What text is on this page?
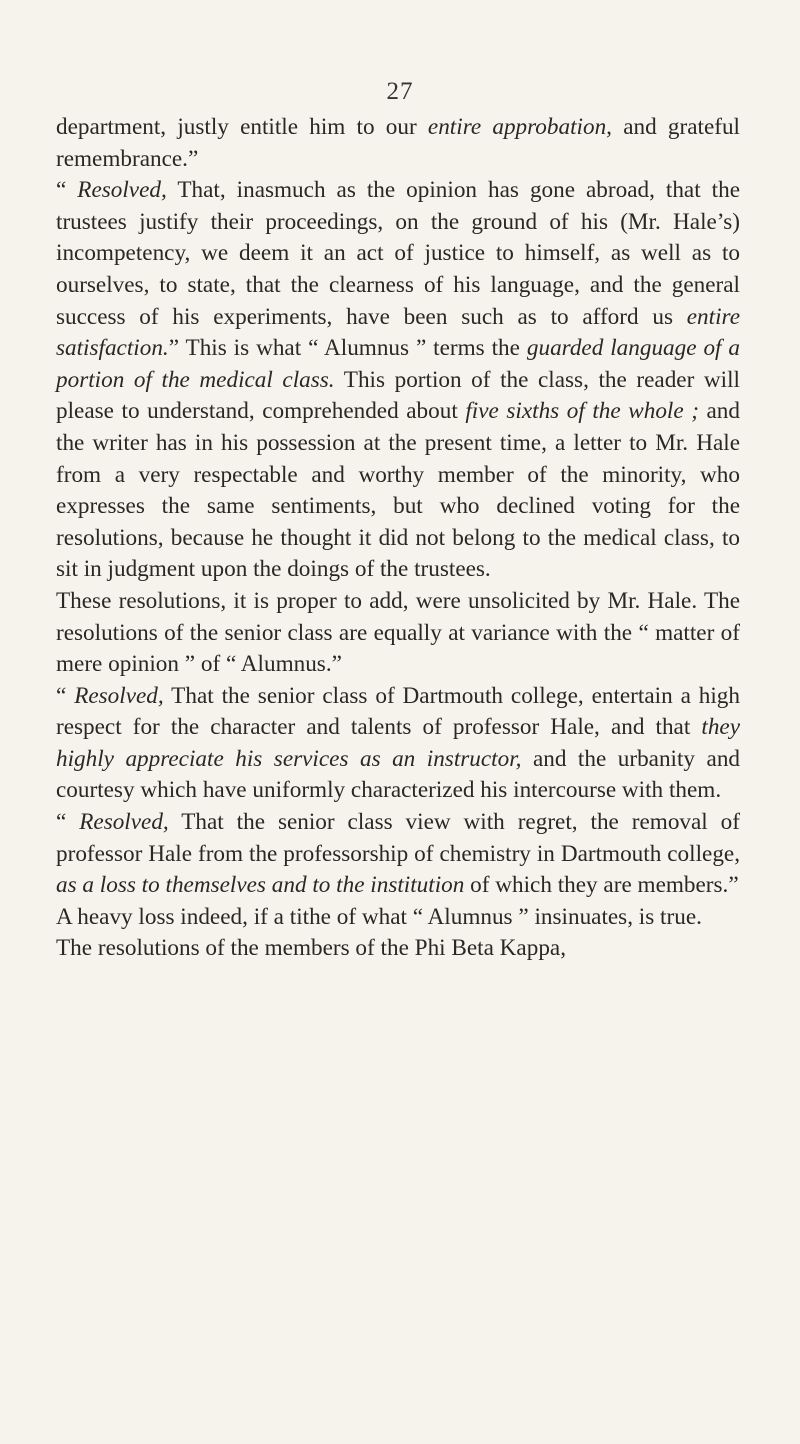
27

department, justly entitle him to our entire approbation, and grateful remembrance.”

“ Resolved, That, inasmuch as the opinion has gone abroad, that the trustees justify their proceedings, on the ground of his (Mr. Hale’s) incompetency, we deem it an act of justice to himself, as well as to ourselves, to state, that the clearness of his language, and the general success of his experiments, have been such as to afford us entire satisfaction.” This is what “ Alumnus ” terms the guarded language of a portion of the medical class. This portion of the class, the reader will please to understand, comprehended about five sixths of the whole ; and the writer has in his possession at the present time, a letter to Mr. Hale from a very respectable and worthy member of the minority, who expresses the same sentiments, but who declined voting for the resolutions, because he thought it did not belong to the medical class, to sit in judgment upon the doings of the trustees.

These resolutions, it is proper to add, were unsolicited by Mr. Hale. The resolutions of the senior class are equally at variance with the “ matter of mere opinion ” of “ Alumnus.”

“ Resolved, That the senior class of Dartmouth college, entertain a high respect for the character and talents of professor Hale, and that they highly appreciate his services as an instructor, and the urbanity and courtesy which have uniformly characterized his intercourse with them.

“ Resolved, That the senior class view with regret, the removal of professor Hale from the professorship of chemistry in Dartmouth college, as a loss to themselves and to the institution of which they are members.”

A heavy loss indeed, if a tithe of what “ Alumnus ” insinuates, is true.

The resolutions of the members of the Phi Beta Kappa,
